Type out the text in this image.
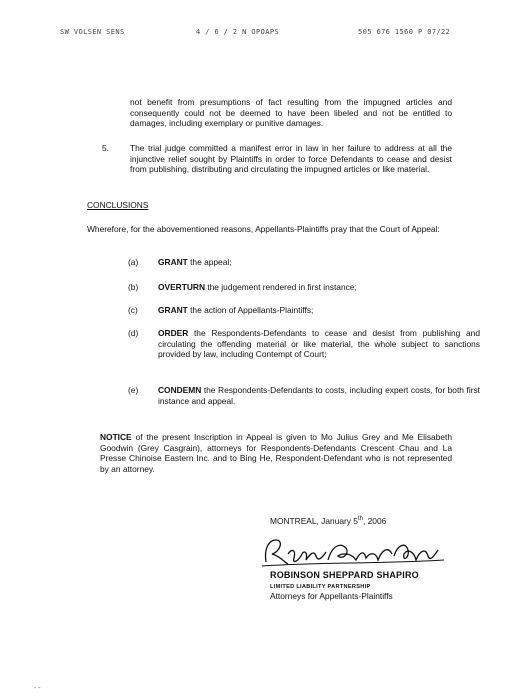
SW VOLSEN SENS	4 / 6 / 2 N OPOAPS	505 676 1560 P 07/22
not benefit from presumptions of fact resulting from the impugned articles and consequently could not be deemed to have been libeled and not be entitled to damages, including exemplary or punitive damages.
5.	The trial judge committed a manifest error in law in her failure to address at all the injunctive relief sought by Plaintiffs in order to force Defendants to cease and desist from publishing, distributing and circulating the impugned articles or like material.
CONCLUSIONS
Wherefore, for the abovementioned reasons, Appellants-Plaintiffs pray that the Court of Appeal:
(a) GRANT the appeal;
(b) OVERTURN the judgement rendered in first instance;
(c) GRANT the action of Appellants-Plaintiffs;
(d) ORDER the Respondents-Defendants to cease and desist from publishing and circulating the offending material or like material, the whole subject to sanctions provided by law, including Contempt of Court;
(e) CONDEMN the Respondents-Defendants to costs, including expert costs, for both first instance and appeal.
NOTICE of the present Inscription in Appeal is given to Mo Julius Grey and Me Elisabeth Goodwin (Grey Casgrain), attorneys for Respondents-Defendants Crescent Chau and La Presse Chinoise Eastern Inc. and to Bing He, Respondent-Defendant who is not represented by an attorney.
MONTREAL, January 5th, 2006
ROBINSON SHEPPARD SHAPIRO
LIMITED LIABILITY PARTNERSHIP
Attorneys for Appellants-Plaintiffs
- -
